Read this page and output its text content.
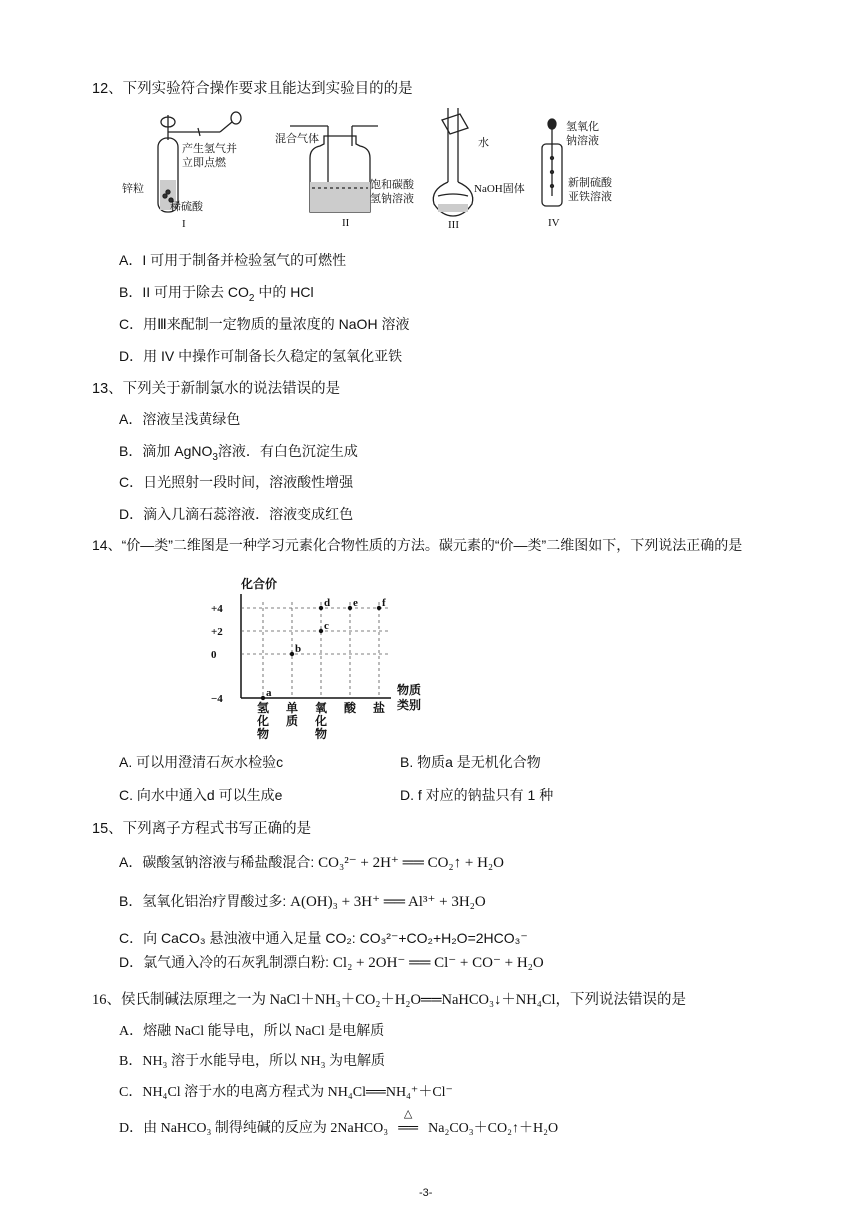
12、下列实验符合操作要求且能达到实验目的的是
产生氢气并
立即点燃
锌粒
稀硫酸
I
混合气体
饱和碳酸
氢钠溶液
II
水
NaOH固体
III
氢氧化
钠溶液
新制硫酸
亚铁溶液
IV
A．I 可用于制备并检验氢气的可燃性
B．II 可用于除去 $CO_2$ 中的 HCl
C．用Ⅲ来配制一定物质的量浓度的 NaOH 溶液
D．用 IV 中操作可制备长久稳定的氢氧化亚铁
13、下列关于新制氯水的说法错误的是
A．溶液呈浅黄绿色
B．滴加 AgNO$_3$溶液．有白色沉淀生成
C．日光照射一段时间，溶液酸性增强
D．滴入几滴石蕊溶液．溶液变成红色
14、“价—类”二维图是一种学习元素化合物性质的方法。碳元素的“价—类”二维图如下，下列说法正确的是
化合价
+4
+2
0
−4
氢
化
物
单
质
氧
化
物
酸 盐
a
b
c
d e f
物质
类别
A. 可以用澄清石灰水检验c	B. 物质a 是无机化合物
C. 向水中通入d 可以生成e	D. f 对应的钠盐只有 1 种
15、下列离子方程式书写正确的是
A．碳酸氢钠溶液与稀盐酸混合: CO₃²⁻ + 2H⁺ ══ CO₂↑ + H₂O
B．氢氧化铝治疗胃酸过多: A(OH)₃ + 3H⁺ ══ Al³⁺ + 3H₂O
C．向 CaCO₃ 悬浊液中通入足量 CO₂: CO₃²⁻+CO₂+H₂O=2HCO₃⁻
D．氯气通入冷的石灰乳制漂白粉: Cl₂ + 2OH⁻ ══ Cl⁻ + CO⁻ + H₂O
16、侯氏制碱法原理之一为 NaCl＋NH₃＋CO₂＋H₂O══NaHCO₃↓＋NH₄Cl，下列说法错误的是
A．熔融 NaCl 能导电，所以 NaCl 是电解质
B．NH₃ 溶于水能导电，所以 NH₃ 为电解质
C．NH₄Cl 溶于水的电离方程式为 NH₄Cl══NH₄⁺＋Cl⁻
D．由 NaHCO₃ 制得纯碱的反应为 2NaHCO₃
△
══ Na₂CO₃＋CO₂↑＋H₂O
-3-
